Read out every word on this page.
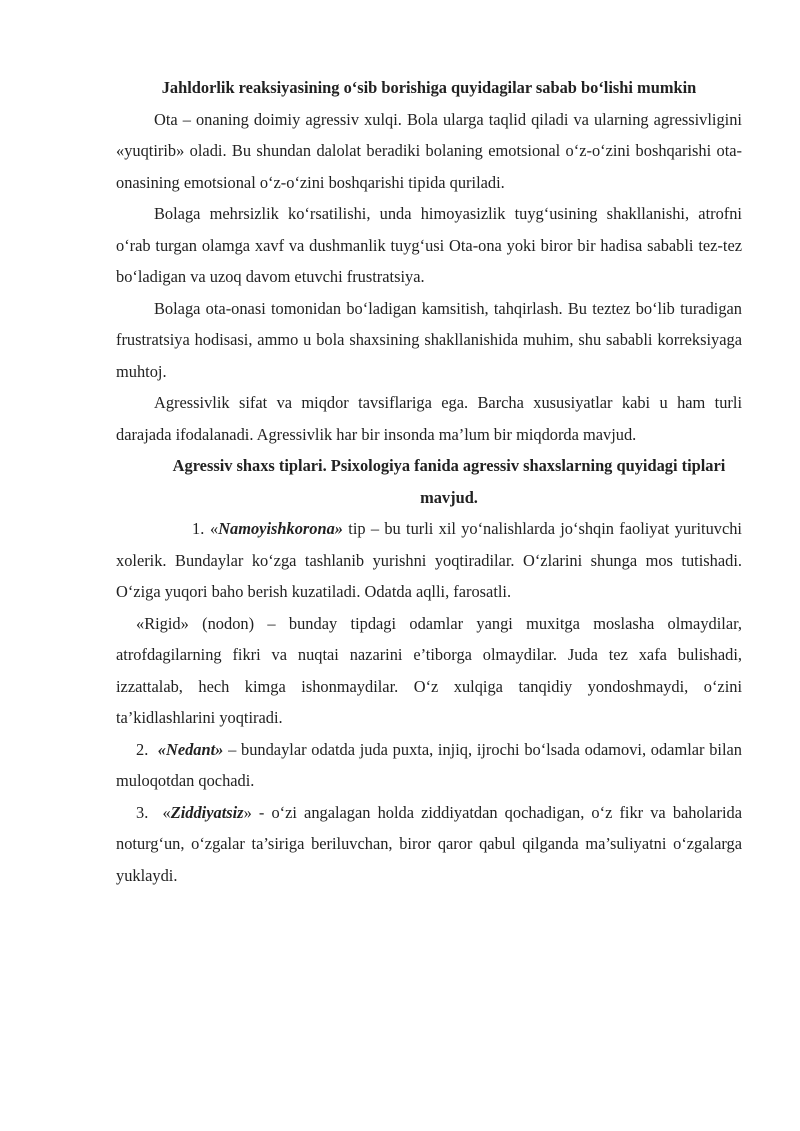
Jahldorlik reaksiyasining o‘sib borishiga quyidagilar sabab bo‘lishi mumkin

Ota – onaning doimiy agressiv xulqi. Bola ularga taqlid qiladi va ularning agressivligini «yuqtirib» oladi. Bu shundan dalolat beradiki bolaning emotsional o‘z-o‘zini boshqarishi ota-onasining emotsional o‘z-o‘zini boshqarishi tipida quriladi.

Bolaga mehrsizlik ko‘rsatilishi, unda himoyasizlik tuyg‘usining shakllanishi, atrofni o‘rab turgan olamga xavf va dushmanlik tuyg‘usi Ota-ona yoki biror bir hadisa sababli tez-tez bo‘ladigan va uzoq davom etuvchi frustratsiya.

Bolaga ota-onasi tomonidan bo‘ladigan kamsitish, tahqirlash. Bu teztez bo‘lib turadigan frustratsiya hodisasi, ammo u bola shaxsining shakllanishida muhim, shu sababli korreksiyaga muhtoj.

Agressivlik sifat va miqdor tavsiflariga ega. Barcha xususiyatlar kabi u ham turli darajada ifodalanadi. Agressivlik har bir insonda ma’lum bir miqdorda mavjud.

Agressiv shaxs tiplari. Psixologiya fanida agressiv shaxslarning quyidagi tiplari mavjud.

1. «Namoyishkorona» tip – bu turli xil yo‘nalishlarda jo‘shqin faoliyat yurituvchi xolerik. Bundaylar ko‘zga tashlanib yurishni yoqtiradilar. O‘zlarini shunga mos tutishadi. O‘ziga yuqori baho berish kuzatiladi. Odatda aqlli, farosatli.

«Rigid» (nodon) – bunday tipdagi odamlar yangi muxitga moslasha olmaydilar, atrofdagilarning fikri va nuqtai nazarini e’tiborga olmaydilar. Juda tez xafa bulishadi, izzattalab, hech kimga ishonmaydilar. O‘z xulqiga tanqidiy yondoshmaydi, o‘zini ta’kidlashlarini yoqtiradi.

2. «Nedant» – bundaylar odatda juda puxta, injiq, ijrochi bo‘lsada odamovi, odamlar bilan muloqotdan qochadi.

3. «Ziddiyatsiz» - o‘zi angalagan holda ziddiyatdan qochadigan, o‘z fikr va baholarida noturg‘un, o‘zgalar ta’siriga beriluvchan, biror qaror qabul qilganda ma’suliyatni o‘zgalarga yuklaydi.
